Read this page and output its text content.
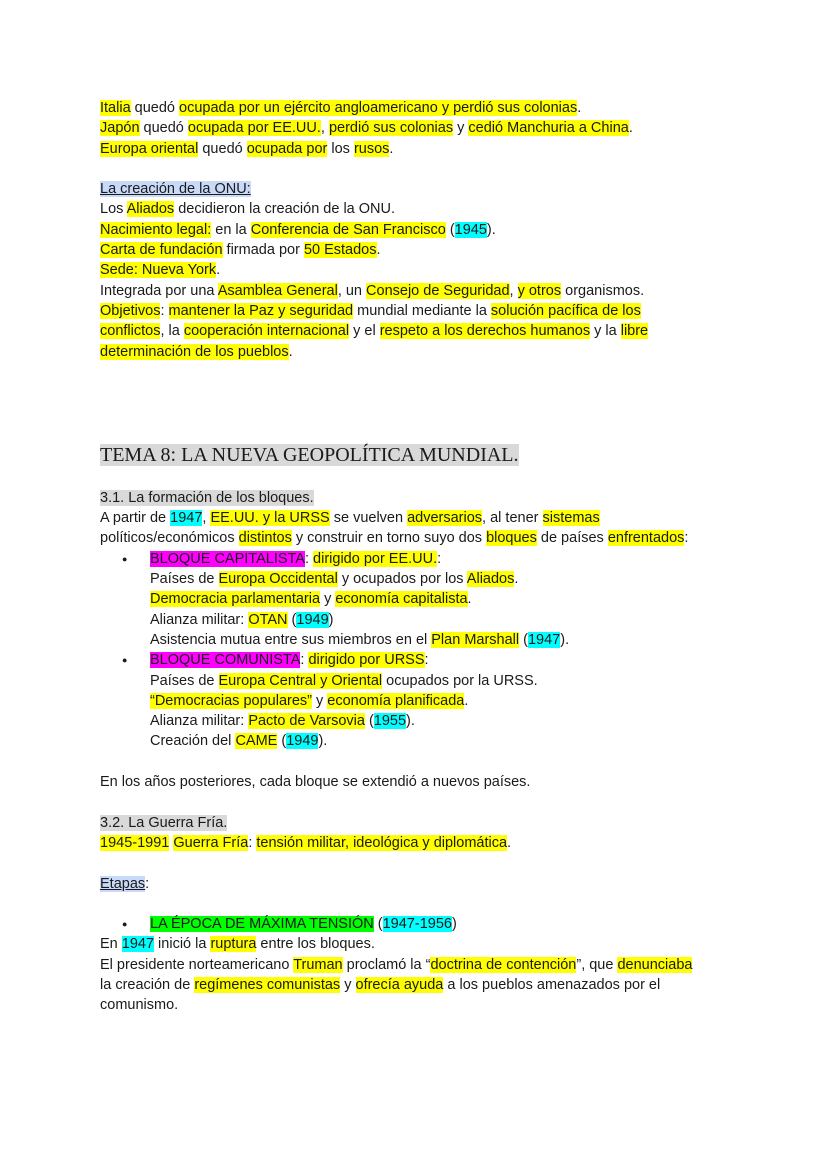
Italia quedó ocupada por un ejército angloamericano y perdió sus colonias.
Japón quedó ocupada por EE.UU., perdió sus colonias y cedió Manchuria a China.
Europa oriental quedó ocupada por los rusos.
La creación de la ONU:
Los Aliados decidieron la creación de la ONU.
Nacimiento legal: en la Conferencia de San Francisco (1945).
Carta de fundación firmada por 50 Estados.
Sede: Nueva York.
Integrada por una Asamblea General, un Consejo de Seguridad, y otros organismos.
Objetivos: mantener la Paz y seguridad mundial mediante la solución pacífica de los
conflictos, la cooperación internacional y el respeto a los derechos humanos y la libre
determinación de los pueblos.
TEMA 8: LA NUEVA GEOPOLÍTICA MUNDIAL.
3.1. La formación de los bloques.
A partir de 1947, EE.UU. y la URSS se vuelven adversarios, al tener sistemas
políticos/económicos distintos y construir en torno suyo dos bloques de países enfrentados:
● BLOQUE CAPITALISTA: dirigido por EE.UU.:
Países de Europa Occidental y ocupados por los Aliados.
Democracia parlamentaria y economía capitalista.
Alianza militar: OTAN (1949)
Asistencia mutua entre sus miembros en el Plan Marshall (1947).
● BLOQUE COMUNISTA: dirigido por URSS:
Países de Europa Central y Oriental ocupados por la URSS.
“Democracias populares” y economía planificada.
Alianza militar: Pacto de Varsovia (1955).
Creación del CAME (1949).
En los años posteriores, cada bloque se extendió a nuevos países.
3.2. La Guerra Fría.
1945-1991 Guerra Fría: tensión militar, ideológica y diplomática.
Etapas:
● LA ÉPOCA DE MÁXIMA TENSIÓN (1947-1956)
En 1947 inició la ruptura entre los bloques.
El presidente norteamericano Truman proclamó la “doctrina de contención”, que denunciaba
la creación de regímenes comunistas y ofrecía ayuda a los pueblos amenazados por el
comunismo.
